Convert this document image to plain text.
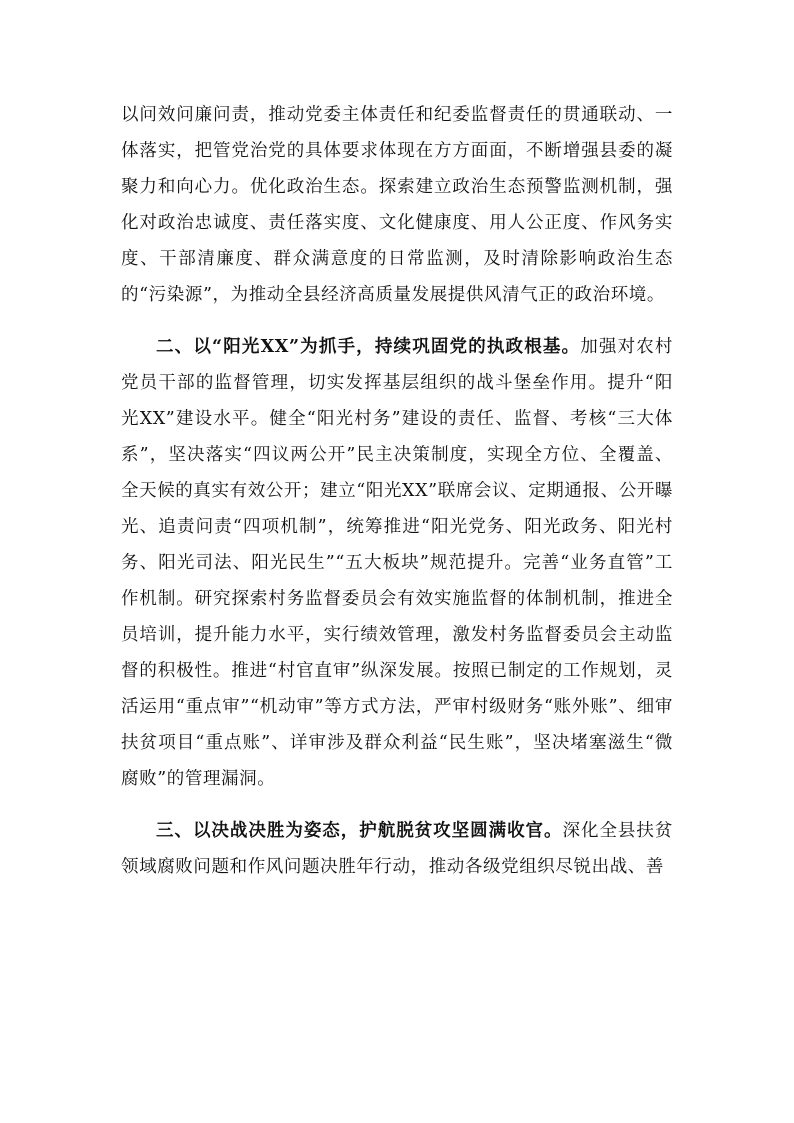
以问效问廉问责，推动党委主体责任和纪委监督责任的贯通联动、一体落实，把管党治党的具体要求体现在方方面面，不断增强县委的凝聚力和向心力。优化政治生态。探索建立政治生态预警监测机制，强化对政治忠诚度、责任落实度、文化健康度、用人公正度、作风务实度、干部清廉度、群众满意度的日常监测，及时清除影响政治生态的“污染源”，为推动全县经济高质量发展提供风清气正的政治环境。

二、以“阳光XX”为抓手，持续巩固党的执政根基。加强对农村党员干部的监督管理，切实发挥基层组织的战斗堡垒作用。提升“阳光XX”建设水平。健全“阳光村务”建设的责任、监督、考核“三大体系”，坚决落实“四议两公开”民主决策制度，实现全方位、全覆盖、全天候的真实有效公开；建立“阳光XX”联席会议、定期通报、公开曝光、追责问责“四项机制”，统筹推进“阳光党务、阳光政务、阳光村务、阳光司法、阳光民生”“五大板块”规范提升。完善“业务直管”工作机制。研究探索村务监督委员会有效实施监督的体制机制，推进全员培训，提升能力水平，实行绩效管理，激发村务监督委员会主动监督的积极性。推进“村官直审”纵深发展。按照已制定的工作规划，灵活运用“重点审”“机动审”等方式方法，严审村级财务“账外账”、细审扶贫项目“重点账”、详审涉及群众利益“民生账”，坚决堵塞滋生“微腐败”的管理漏洞。

三、以决战决胜为姿态，护航脱贫攻坚圆满收官。深化全县扶贫领域腐败问题和作风问题决胜年行动，推动各级党组织尽锐出战、善
